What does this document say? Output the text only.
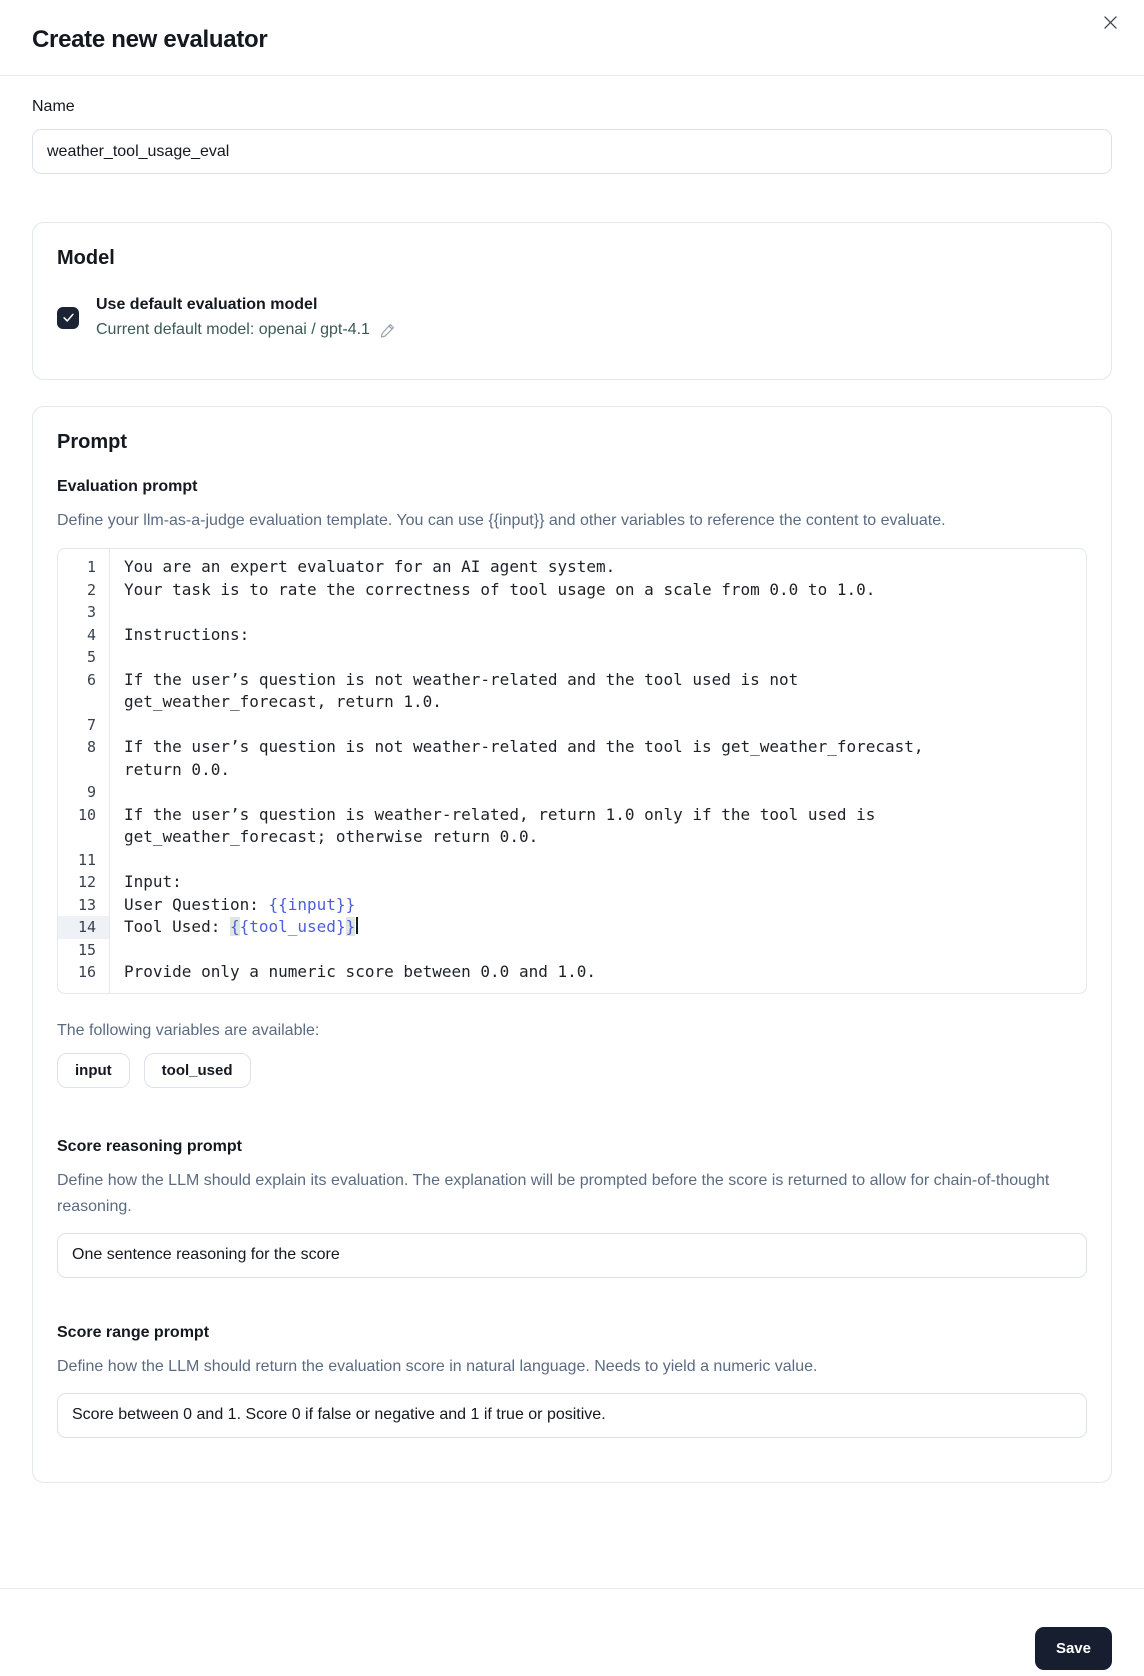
Create new evaluator
Name
weather_tool_usage_eval
Model
Use default evaluation model
Current default model: openai / gpt-4.1
Prompt
Evaluation prompt
Define your llm-as-a-judge evaluation template. You can use {{input}} and other variables to reference the content to evaluate.
1	You are an expert evaluator for an AI agent system.
2	Your task is to rate the correctness of tool usage on a scale from 0.0 to 1.0.
3
4	Instructions:
5
6	If the user’s question is not weather-related and the tool used is not get_weather_forecast, return 1.0.
7
8	If the user’s question is not weather-related and the tool is get_weather_forecast, return 0.0.
9
10	If the user’s question is weather-related, return 1.0 only if the tool used is get_weather_forecast; otherwise return 0.0.
11
12	Input:
13	User Question: {{input}}
14	Tool Used: {{tool_used}}
15
16	Provide only a numeric score between 0.0 and 1.0.
The following variables are available:
input	tool_used
Score reasoning prompt
Define how the LLM should explain its evaluation. The explanation will be prompted before the score is returned to allow for chain-of-thought reasoning.
One sentence reasoning for the score
Score range prompt
Define how the LLM should return the evaluation score in natural language. Needs to yield a numeric value.
Score between 0 and 1. Score 0 if false or negative and 1 if true or positive.
Save
